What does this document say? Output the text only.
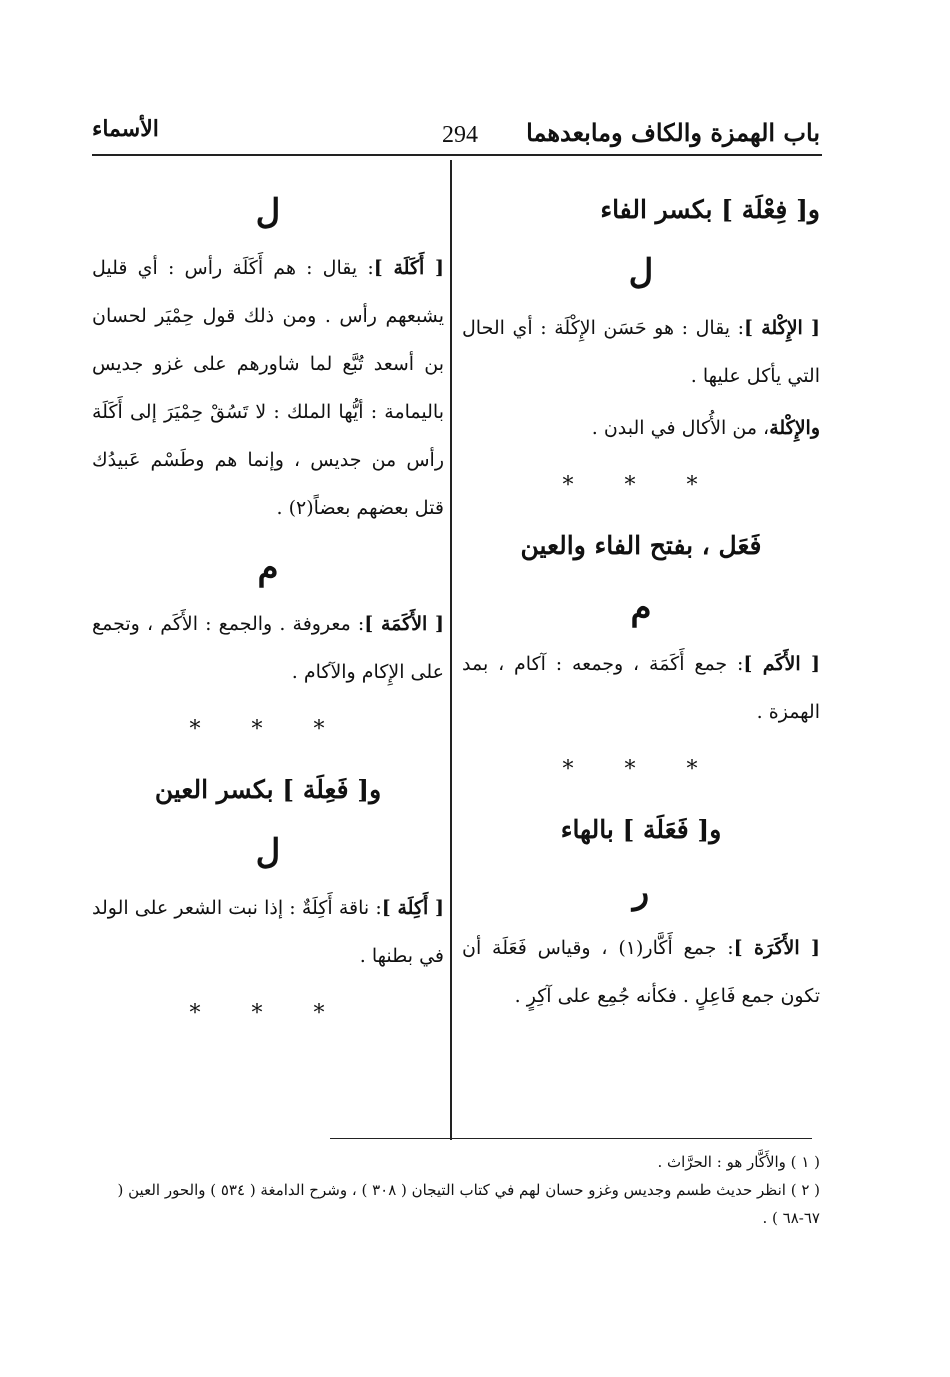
باب الهمزة والكاف ومابعدهما
294
الأسماء
و[ فِعْلَة ] بكسر الفاء
ل

[ الإِكْلة ]: يقال : هو حَسَن الإِكْلَة : أي الحال التي يأكل عليها .

والإِكْلة، من الأُكال في البدن .

* * *
فَعَل ، بفتح الفاء والعين
م

[ الأَكَم ]: جمع أَكَمَة ، وجمعه : آكام ، بمد الهمزة .

* * *
و[ فَعَلَة ] بالهاء
ر

[ الأَكَرَة ]: جمع أَكَّار(١) ، وقياس فَعَلَة أن تكون جمع فَاعِلٍ . فكأنه جُمِع على آكِرٍ .

ل

[ أَكَلَة ]: يقال : هم أَكَلَة رأس : أي قليل يشبعهم رأس . ومن ذلك قول حِمْيَر لحسان بن أسعد تُبَّع لما شاورهم على غزو جديس باليمامة : أيُّها الملك : لا تَسُقْ حِمْيَرَ إلى أَكَلَة رأس من جديس ، وإنما هم وطَسْم عَبيدُك قتل بعضهم بعضاً(٢) .

م

[ الأَكَمَة ]: معروفة . والجمع : الأَكَم ، وتجمع على الإِكام والآكام .

* * *
و[ فَعِلَة ] بكسر العين
ل

[ أَكِلَة ]: ناقة أَكِلَةٌ : إذا نبت الشعر على الولد في بطنها .

* * *
( ١ ) والأَكَّار هو : الحرَّاث .
( ٢ ) انظر حديث طسم وجديس وغزو حسان لهم في كتاب التيجان ( ٣٠٨ ) ، وشرح الدامغة ( ٥٣٤ ) والحور العين ( ٦٧-٦٨ ) .
